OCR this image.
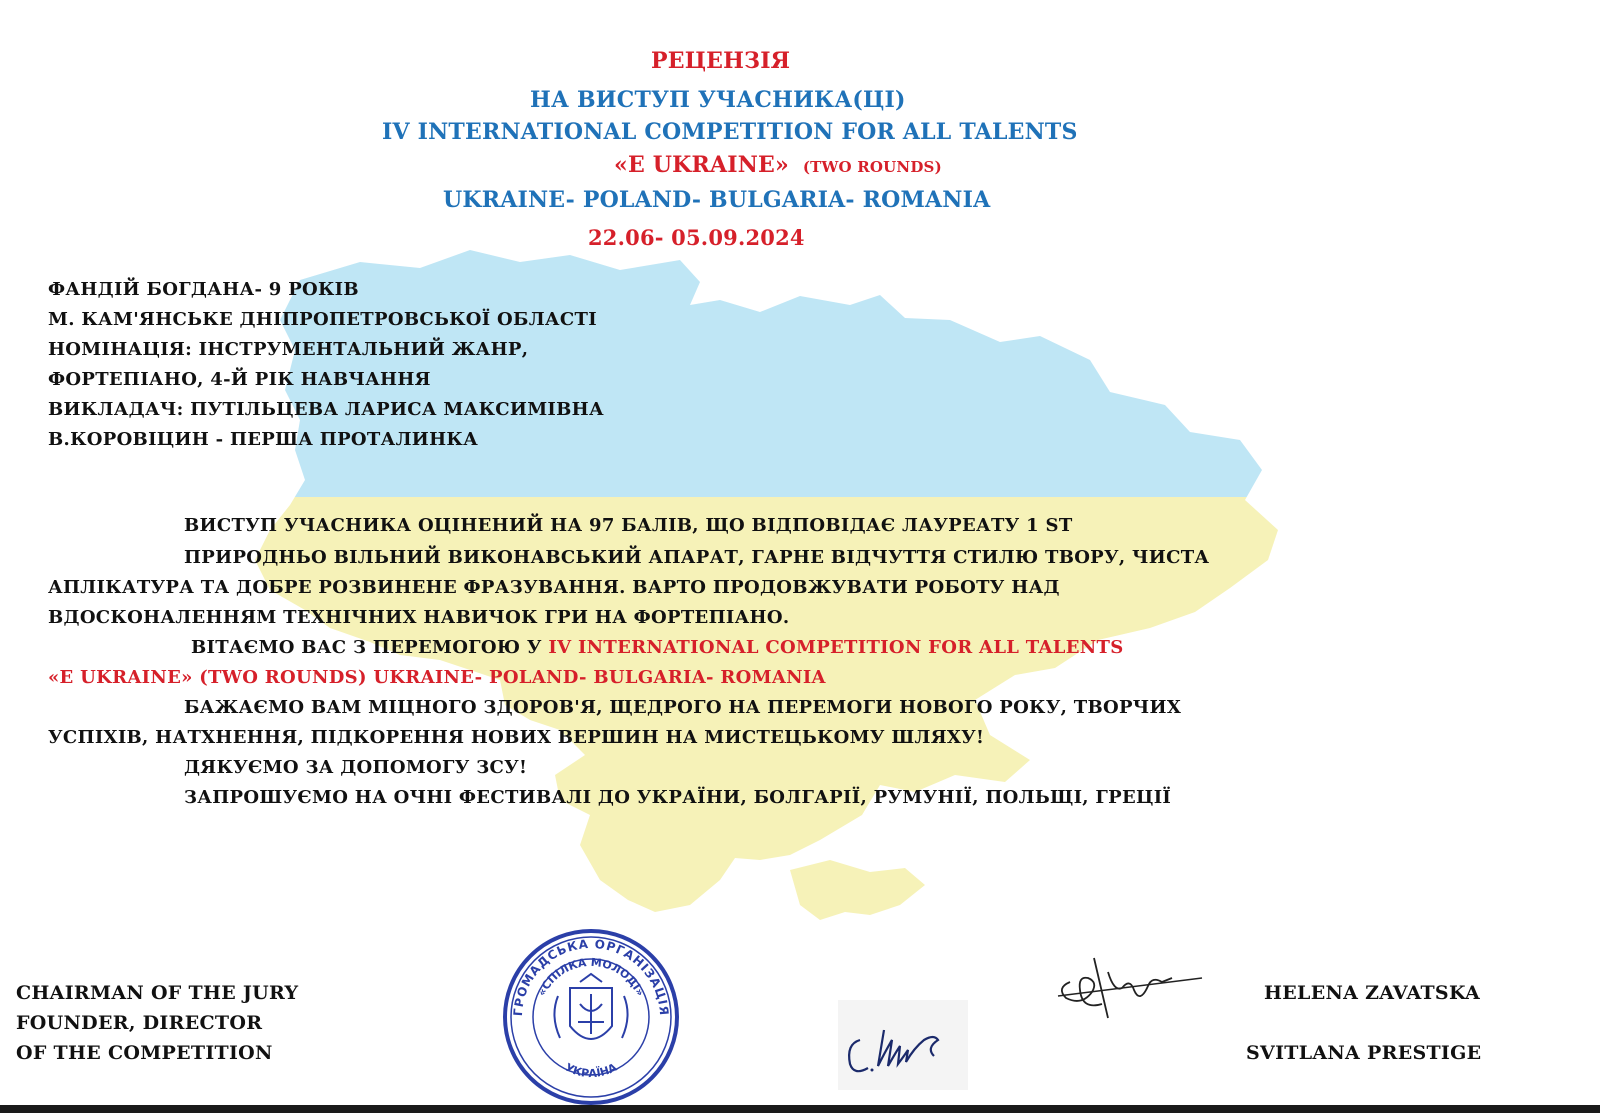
РЕЦЕНЗІЯ
НА ВИСТУП УЧАСНИКА(ЦІ)
IV INTERNATIONAL COMPETITION FOR ALL TALENTS
«E UKRAINE» (TWO ROUNDS)
UKRAINE- POLAND- BULGARIA- ROMANIA
22.06- 05.09.2024
ФАНДІЙ БОГДАНА- 9 РОКІВ
М. КАМ'ЯНСЬКЕ ДНІПРОПЕТРОВСЬКОЇ ОБЛАСТІ
НОМІНАЦІЯ: ІНСТРУМЕНТАЛЬНИЙ ЖАНР,
ФОРТЕПІАНО, 4-Й РІК НАВЧАННЯ
ВИКЛАДАЧ: ПУТІЛЬЦЕВА ЛАРИСА МАКСИМІВНА
В.КОРОВІЦИН - ПЕРША ПРОТАЛИНКА
ВИСТУП УЧАСНИКА ОЦІНЕНИЙ НА 97 БАЛІВ, ЩО ВІДПОВІДАЄ ЛАУРЕАТУ 1 ST
ПРИРОДНЬО ВІЛЬНИЙ ВИКОНАВСЬКИЙ АПАРАТ, ГАРНЕ ВІДЧУТТЯ СТИЛЮ ТВОРУ, ЧИСТА
АПЛІКАТУРА ТА ДОБРЕ РОЗВИНЕНЕ ФРАЗУВАННЯ. ВАРТО ПРОДОВЖУВАТИ РОБОТУ НАД
ВДОСКОНАЛЕННЯМ ТЕХНІЧНИХ НАВИЧОК ГРИ НА ФОРТЕПІАНО.
ВІТАЄМО ВАС З ПЕРЕМОГОЮ У IV INTERNATIONAL COMPETITION FOR ALL TALENTS
«E UKRAINE» (TWO ROUNDS) UKRAINE- POLAND- BULGARIA- ROMANIA
БАЖАЄМО ВАМ МІЦНОГО ЗДОРОВ'Я, ЩЕДРОГО НА ПЕРЕМОГИ НОВОГО РОКУ, ТВОРЧИХ
УСПІХІВ, НАТХНЕННЯ, ПІДКОРЕННЯ НОВИХ ВЕРШИН НА МИСТЕЦЬКОМУ ШЛЯХУ!
ДЯКУЄМО ЗА ДОПОМОГУ ЗСУ!
ЗАПРОШУЄМО НА ОЧНІ ФЕСТИВАЛІ ДО УКРАЇНИ, БОЛГАРІЇ, РУМУНІЇ, ПОЛЬЩІ, ГРЕЦІЇ
CHAIRMAN OF THE JURY
FOUNDER, DIRECTOR
OF THE COMPETITION
HELENA ZAVATSKA
SVITLANA PRESTIGE
ГРОМАДСЬКА ОРГАНІЗАЦІЯ
«СПІЛКА МОЛОДІ»
УКРАЇНА
